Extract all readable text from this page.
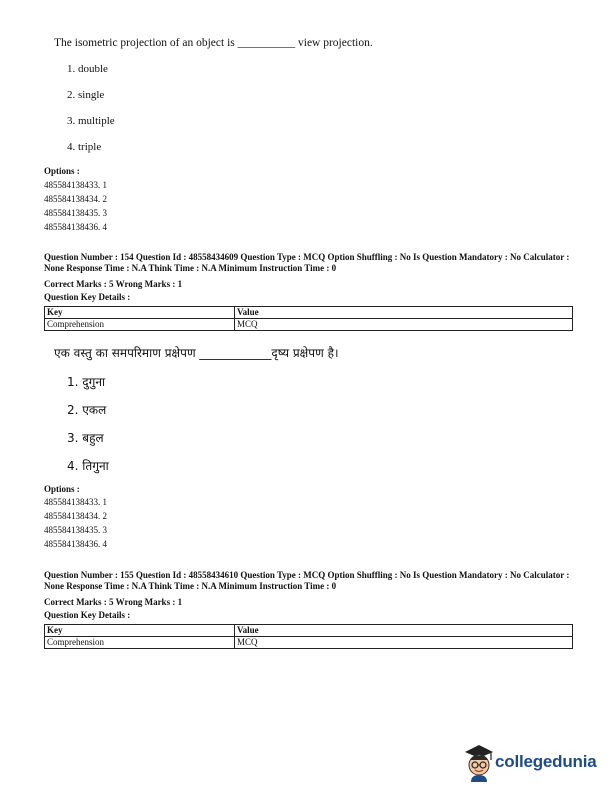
The isometric projection of an object is __________ view projection.
1. double
2. single
3. multiple
4. triple
Options :
485584138433. 1
485584138434. 2
485584138435. 3
485584138436. 4
Question Number : 154 Question Id : 48558434609 Question Type : MCQ Option Shuffling : No Is Question Mandatory : No Calculator : None Response Time : N.A Think Time : N.A Minimum Instruction Time : 0
Correct Marks : 5 Wrong Marks : 1
Question Key Details :
Key	Value
Comprehension	MCQ
एक वस्तु का समपरिमाण प्रक्षेपण ____________दृष्य प्रक्षेपण है।
1. दुगुना
2. एकल
3. बहुल
4. तिगुना
Options :
485584138433. 1
485584138434. 2
485584138435. 3
485584138436. 4
Question Number : 155 Question Id : 48558434610 Question Type : MCQ Option Shuffling : No Is Question Mandatory : No Calculator : None Response Time : N.A Think Time : N.A Minimum Instruction Time : 0
Correct Marks : 5 Wrong Marks : 1
Question Key Details :
Key	Value
Comprehension	MCQ
collegedunia
